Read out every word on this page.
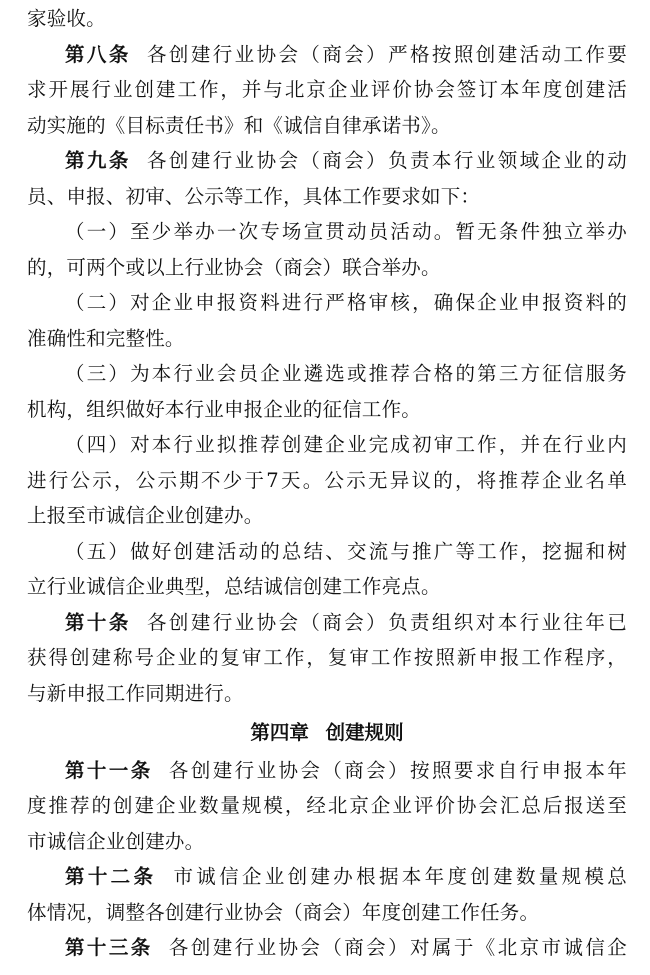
家验收。
第八条 各创建行业协会（商会）严格按照创建活动工作要
求开展行业创建工作，并与北京企业评价协会签订本年度创建活
动实施的《目标责任书》和《诚信自律承诺书》。
第九条 各创建行业协会（商会）负责本行业领域企业的动
员、申报、初审、公示等工作，具体工作要求如下：
（一）至少举办一次专场宣贯动员活动。暂无条件独立举办
的，可两个或以上行业协会（商会）联合举办。
（二）对企业申报资料进行严格审核，确保企业申报资料的
准确性和完整性。
（三）为本行业会员企业遴选或推荐合格的第三方征信服务
机构，组织做好本行业申报企业的征信工作。
（四）对本行业拟推荐创建企业完成初审工作，并在行业内
进行公示，公示期不少于7天。公示无异议的，将推荐企业名单
上报至市诚信企业创建办。
（五）做好创建活动的总结、交流与推广等工作，挖掘和树
立行业诚信企业典型，总结诚信创建工作亮点。
第十条 各创建行业协会（商会）负责组织对本行业往年已
获得创建称号企业的复审工作，复审工作按照新申报工作程序，
与新申报工作同期进行。
第四章 创建规则
第十一条 各创建行业协会（商会）按照要求自行申报本年
度推荐的创建企业数量规模，经北京企业评价协会汇总后报送至
市诚信企业创建办。
第十二条 市诚信企业创建办根据本年度创建数量规模总
体情况，调整各创建行业协会（商会）年度创建工作任务。
第十三条 各创建行业协会（商会）对属于《北京市诚信企
